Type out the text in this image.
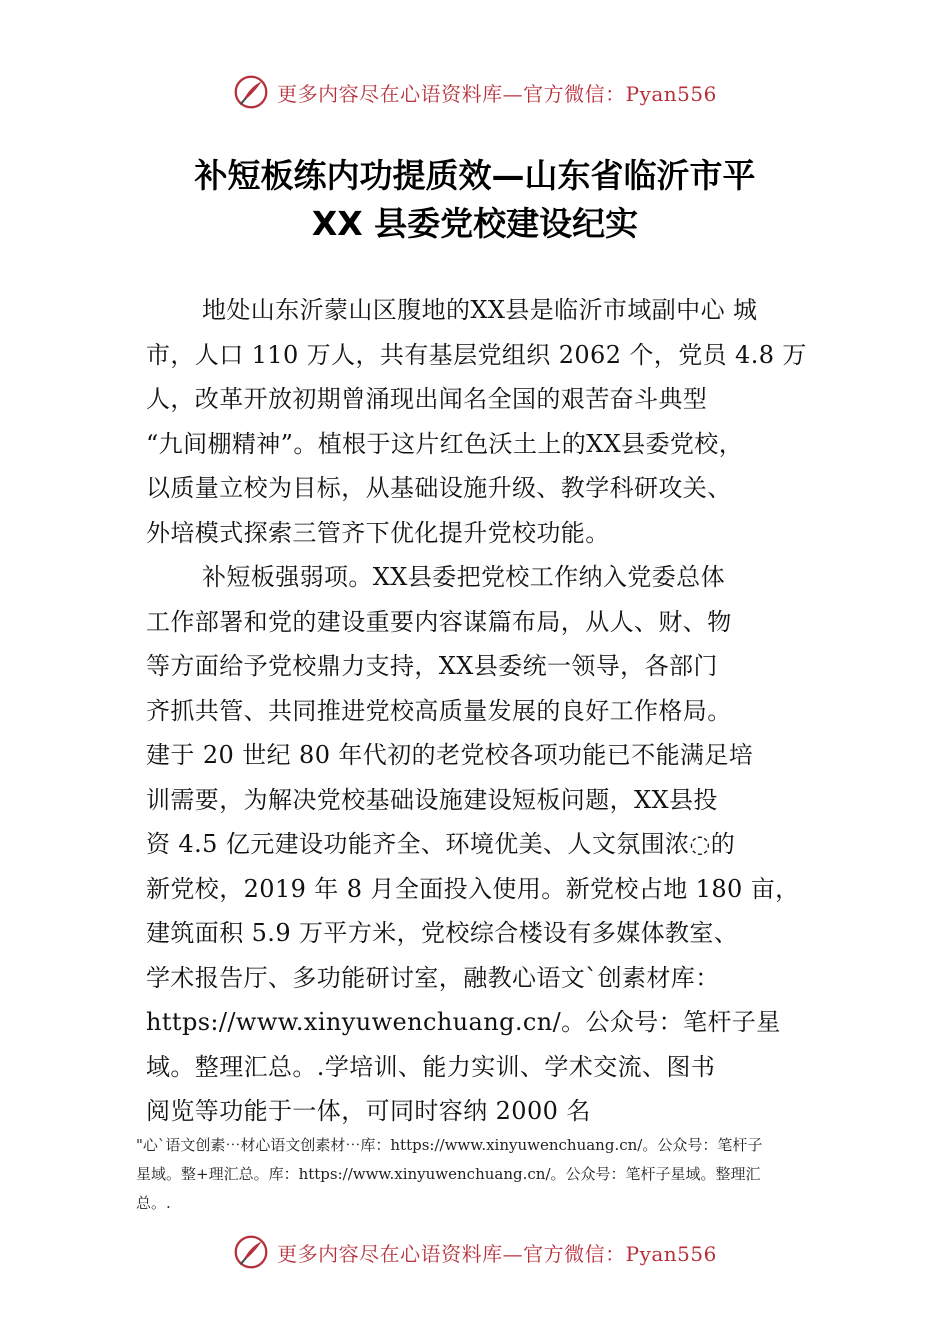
更多内容尽在心语资料库—官方微信：Pyan556
补短板练内功提质效—山东省临沂市平
XX 县委党校建设纪实
地处山东沂蒙山区腹地的XX县是临沂市域副中心 城
市，人口 110 万人，共有基层党组织 2062 个，党员 4.8 万
人，改革开放初期曾涌现出闻名全国的艰苦奋斗典型
“九间棚精神”。植根于这片红色沃土上的XX县委党校，
以质量立校为目标，从基础设施升级、教学科研攻关、
外培模式探索三管齐下优化提升党校功能。
补短板强弱项。XX县委把党校工作纳入党委总体
工作部署和党的建设重要内容谋篇布局，从人、财、物
等方面给予党校鼎力支持，XX县委统一领导，各部门
齐抓共管、共同推进党校高质量发展的良好工作格局。
建于 20 世纪 80 年代初的老党校各项功能已不能满足培
训需要，为解决党校基础设施建设短板问题，XX县投
资 4.5 亿元建设功能齐全、环境优美、人文氛围浓◌的
新党校，2019 年 8 月全面投入使用。新党校占地 180 亩，
建筑面积 5.9 万平方米，党校综合楼设有多媒体教室、
学术报告厅、多功能研讨室，融教心语文`创素材库：
https://www.xinyuwenchuang.cn/。公众号：笔杆子星
域。整理汇总。.学培训、能力实训、学术交流、图书
阅览等功能于一体，可同时容纳 2000 名
"心`语文创素⋯材心语文创素材⋯库：https://www.xinyuwenchuang.cn/。公众号：笔杆子
星域。整+理汇总。库：https://www.xinyuwenchuang.cn/。公众号：笔杆子星域。整理汇
总。.
更多内容尽在心语资料库—官方微信：Pyan556
